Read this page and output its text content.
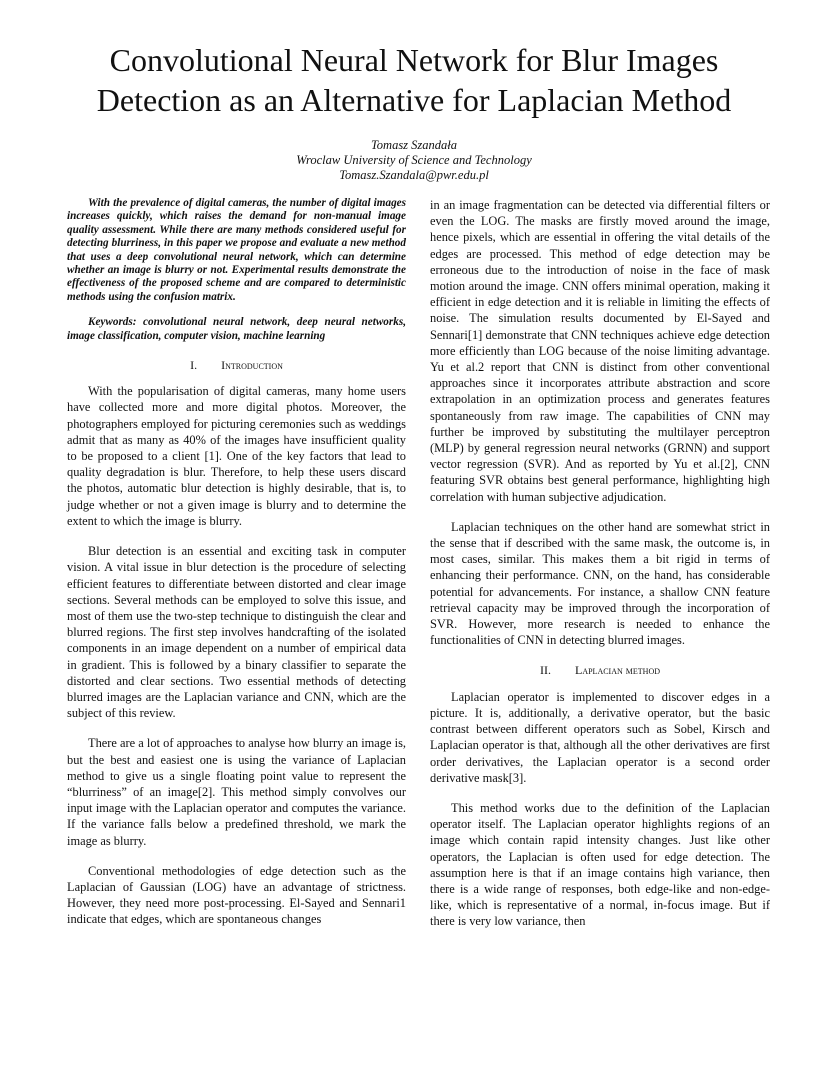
Convolutional Neural Network for Blur Images
Detection as an Alternative for Laplacian Method
Tomasz Szandała
Wroclaw University of Science and Technology
Tomasz.Szandala@pwr.edu.pl

With the prevalence of digital cameras, the number of digital images increases quickly, which raises the demand for non-manual image quality assessment. While there are many methods considered useful for detecting blurriness, in this paper we propose and evaluate a new method that uses a deep convolutional neural network, which can determine whether an image is blurry or not. Experimental results demonstrate the effectiveness of the proposed scheme and are compared to deterministic methods using the confusion matrix.

Keywords: convolutional neural network, deep neural networks, image classification, computer vision, machine learning

I. Introduction

With the popularisation of digital cameras, many home users have collected more and more digital photos. Moreover, the photographers employed for picturing ceremonies such as weddings admit that as many as 40% of the images have insufficient quality to be proposed to a client [1]. One of the key factors that lead to quality degradation is blur. Therefore, to help these users discard the photos, automatic blur detection is highly desirable, that is, to judge whether or not a given image is blurry and to determine the extent to which the image is blurry.

Blur detection is an essential and exciting task in computer vision. A vital issue in blur detection is the procedure of selecting efficient features to differentiate between distorted and clear image sections. Several methods can be employed to solve this issue, and most of them use the two-step technique to distinguish the clear and blurred regions. The first step involves handcrafting of the isolated components in an image dependent on a number of empirical data in gradient. This is followed by a binary classifier to separate the distorted and clear sections. Two essential methods of detecting blurred images are the Laplacian variance and CNN, which are the subject of this review.

There are a lot of approaches to analyse how blurry an image is, but the best and easiest one is using the variance of Laplacian method to give us a single floating point value to represent the “blurriness” of an image[2]. This method simply convolves our input image with the Laplacian operator and computes the variance. If the variance falls below a predefined threshold, we mark the image as blurry.

Conventional methodologies of edge detection such as the Laplacian of Gaussian (LOG) have an advantage of strictness. However, they need more post-processing. El-Sayed and Sennari1 indicate that edges, which are spontaneous changes

in an image fragmentation can be detected via differential filters or even the LOG. The masks are firstly moved around the image, hence pixels, which are essential in offering the vital details of the edges are processed. This method of edge detection may be erroneous due to the introduction of noise in the face of mask motion around the image. CNN offers minimal operation, making it efficient in edge detection and it is reliable in limiting the effects of noise. The simulation results documented by El-Sayed and Sennari[1] demonstrate that CNN techniques achieve edge detection more efficiently than LOG because of the noise limiting advantage. Yu et al.2 report that CNN is distinct from other conventional approaches since it incorporates attribute abstraction and score extrapolation in an optimization process and generates features spontaneously from raw image. The capabilities of CNN may further be improved by substituting the multilayer perceptron (MLP) by general regression neural networks (GRNN) and support vector regression (SVR). And as reported by Yu et al.[2], CNN featuring SVR obtains best general performance, highlighting high correlation with human subjective adjudication.

Laplacian techniques on the other hand are somewhat strict in the sense that if described with the same mask, the outcome is, in most cases, similar. This makes them a bit rigid in terms of enhancing their performance. CNN, on the hand, has considerable potential for advancements. For instance, a shallow CNN feature retrieval capacity may be improved through the incorporation of SVR. However, more research is needed to enhance the functionalities of CNN in detecting blurred images.

II. Laplacian method

Laplacian operator is implemented to discover edges in a picture. It is, additionally, a derivative operator, but the basic contrast between different operators such as Sobel, Kirsch and Laplacian operator is that, although all the other derivatives are first order derivatives, the Laplacian operator is a second order derivative mask[3].

This method works due to the definition of the Laplacian operator itself. The Laplacian operator highlights regions of an image which contain rapid intensity changes. Just like other operators, the Laplacian is often used for edge detection. The assumption here is that if an image contains high variance, then there is a wide range of responses, both edge-like and non-edge-like, which is representative of a normal, in-focus image. But if there is very low variance, then
